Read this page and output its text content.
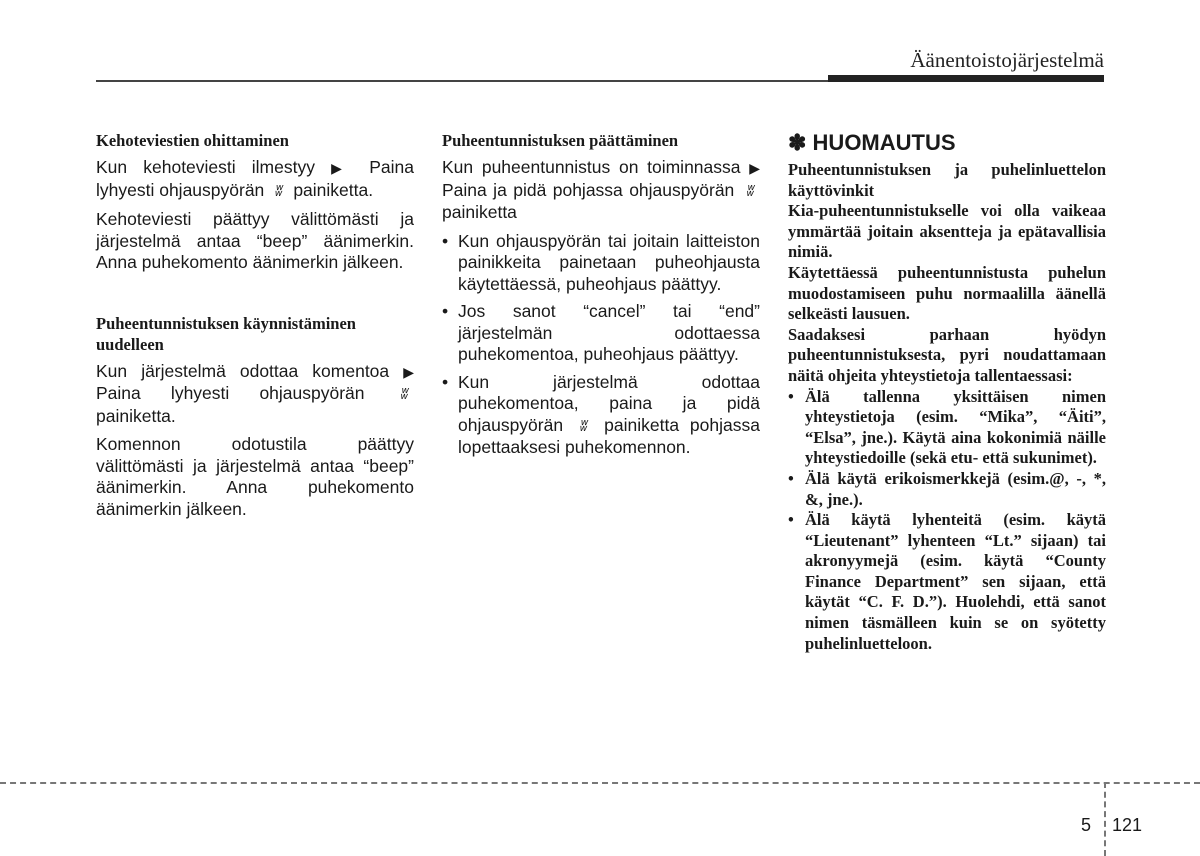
Äänentoistojärjestelmä
Kehoteviestien ohittaminen

Kun kehoteviesti ilmestyy ▶ Paina lyhyesti ohjauspyörän ʬ painiketta.

Kehoteviesti päättyy välittömästi ja järjestelmä antaa “beep” äänimerkin. Anna puhekomento äänimerkin jälkeen.

Puheentunnistuksen käynnistäminen uudelleen

Kun järjestelmä odottaa komentoa ▶ Paina lyhyesti ohjauspyörän ʬ painiketta.

Komennon odotustila päättyy välittömästi ja järjestelmä antaa “beep” äänimerkin. Anna puhekomento äänimerkin jälkeen.

Puheentunnistuksen päättäminen

Kun puheentunnistus on toiminnassa ▶ Paina ja pidä pohjassa ohjauspyörän ʬ painiketta

• Kun ohjauspyörän tai joitain laitteiston painikkeita painetaan puheohjausta käytettäessä, puheohjaus päättyy.
• Jos sanot “cancel” tai “end” järjestelmän odottaessa puhekomentoa, puheohjaus päättyy.
• Kun järjestelmä odottaa puhekomentoa, paina ja pidä ohjauspyörän ʬ painiketta pohjassa lopettaaksesi puhekomennon.
✽ HUOMAUTUS

Puheentunnistuksen ja puhelinluettelon käyttövinkit

Kia-puheentunnistukselle voi olla vaikeaa ymmärtää joitain aksentteja ja epätavallisia nimiä.

Käytettäessä puheentunnistusta puhelun muodostamiseen puhu normaalilla äänellä selkeästi lausuen.

Saadaksesi parhaan hyödyn puheentunnistuksesta, pyri noudattamaan näitä ohjeita yhteystietoja tallentaessasi:

• Älä tallenna yksittäisen nimen yhteystietoja (esim. “Mika”, “Äiti”, “Elsa”, jne.). Käytä aina kokonimiä näille yhteystiedoille (sekä etu- että sukunimet).
• Älä käytä erikoismerkkejä (esim.@, -, *, &, jne.).
• Älä käytä lyhenteitä (esim. käytä “Lieutenant” lyhenteen “Lt.” sijaan) tai akronyymejä (esim. käytä “County Finance Department” sen sijaan, että käytät “C. F. D.”). Huolehdi, että sanot nimen täsmälleen kuin se on syötetty puhelinluetteloon.
5 121
